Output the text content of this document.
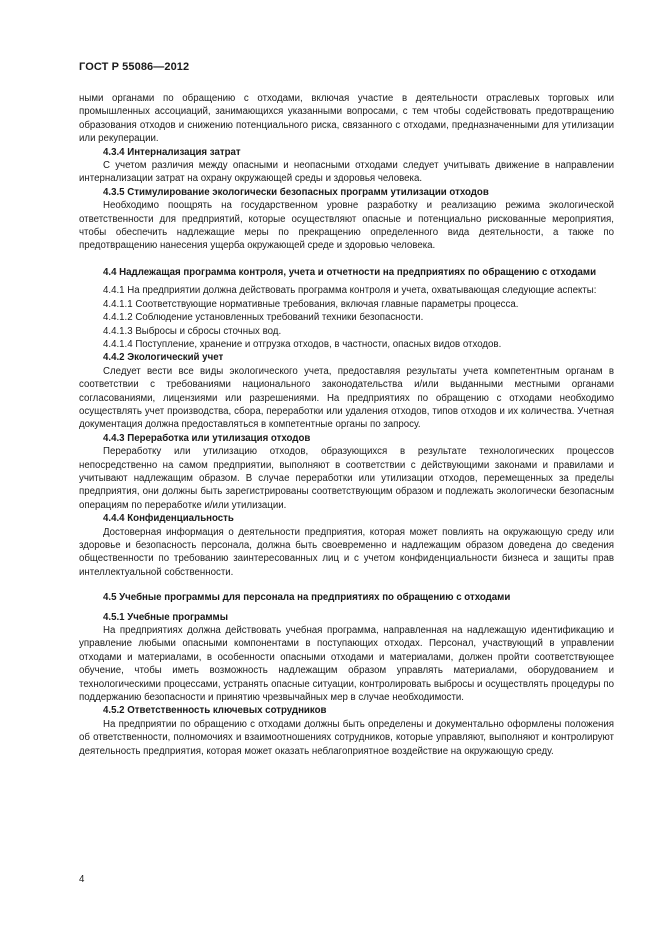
ГОСТ Р 55086—2012

ными органами по обращению с отходами, включая участие в деятельности отраслевых торговых или промышленных ассоциаций, занимающихся указанными вопросами, с тем чтобы содействовать предотвращению образования отходов и снижению потенциального риска, связанного с отходами, предназначенными для утилизации или рекуперации.

4.3.4 Интернализация затрат

С учетом различия между опасными и неопасными отходами следует учитывать движение в направлении интернализации затрат на охрану окружающей среды и здоровья человека.

4.3.5 Стимулирование экологически безопасных программ утилизации отходов

Необходимо поощрять на государственном уровне разработку и реализацию режима экологической ответственности для предприятий, которые осуществляют опасные и потенциально рискованные мероприятия, чтобы обеспечить надлежащие меры по прекращению определенного вида деятельности, а также по предотвращению нанесения ущерба окружающей среде и здоровью человека.

4.4 Надлежащая программа контроля, учета и отчетности на предприятиях по обращению с отходами

4.4.1 На предприятии должна действовать программа контроля и учета, охватывающая следующие аспекты:

4.4.1.1 Соответствующие нормативные требования, включая главные параметры процесса.

4.4.1.2 Соблюдение установленных требований техники безопасности.

4.4.1.3 Выбросы и сбросы сточных вод.

4.4.1.4 Поступление, хранение и отгрузка отходов, в частности, опасных видов отходов.

4.4.2 Экологический учет

Следует вести все виды экологического учета, предоставляя результаты учета компетентным органам в соответствии с требованиями национального законодательства и/или выданными местными органами согласованиями, лицензиями или разрешениями. На предприятиях по обращению с отходами необходимо осуществлять учет производства, сбора, переработки или удаления отходов, типов отходов и их количества. Учетная документация должна предоставляться в компетентные органы по запросу.

4.4.3 Переработка или утилизация отходов

Переработку или утилизацию отходов, образующихся в результате технологических процессов непосредственно на самом предприятии, выполняют в соответствии с действующими законами и правилами и учитывают надлежащим образом. В случае переработки или утилизации отходов, перемещенных за пределы предприятия, они должны быть зарегистрированы соответствующим образом и подлежать экологически безопасным операциям по переработке и/или утилизации.

4.4.4 Конфиденциальность

Достоверная информация о деятельности предприятия, которая может повлиять на окружающую среду или здоровье и безопасность персонала, должна быть своевременно и надлежащим образом доведена до сведения общественности по требованию заинтересованных лиц и с учетом конфиденциальности бизнеса и защиты прав интеллектуальной собственности.

4.5 Учебные программы для персонала на предприятиях по обращению с отходами

4.5.1 Учебные программы

На предприятиях должна действовать учебная программа, направленная на надлежащую идентификацию и управление любыми опасными компонентами в поступающих отходах. Персонал, участвующий в управлении отходами и материалами, в особенности опасными отходами и материалами, должен пройти соответствующее обучение, чтобы иметь возможность надлежащим образом управлять материалами, оборудованием и технологическими процессами, устранять опасные ситуации, контролировать выбросы и осуществлять процедуры по поддержанию безопасности и принятию чрезвычайных мер в случае необходимости.

4.5.2 Ответственность ключевых сотрудников

На предприятии по обращению с отходами должны быть определены и документально оформлены положения об ответственности, полномочиях и взаимоотношениях сотрудников, которые управляют, выполняют и контролируют деятельность предприятия, которая может оказать неблагоприятное воздействие на окружающую среду.

4
